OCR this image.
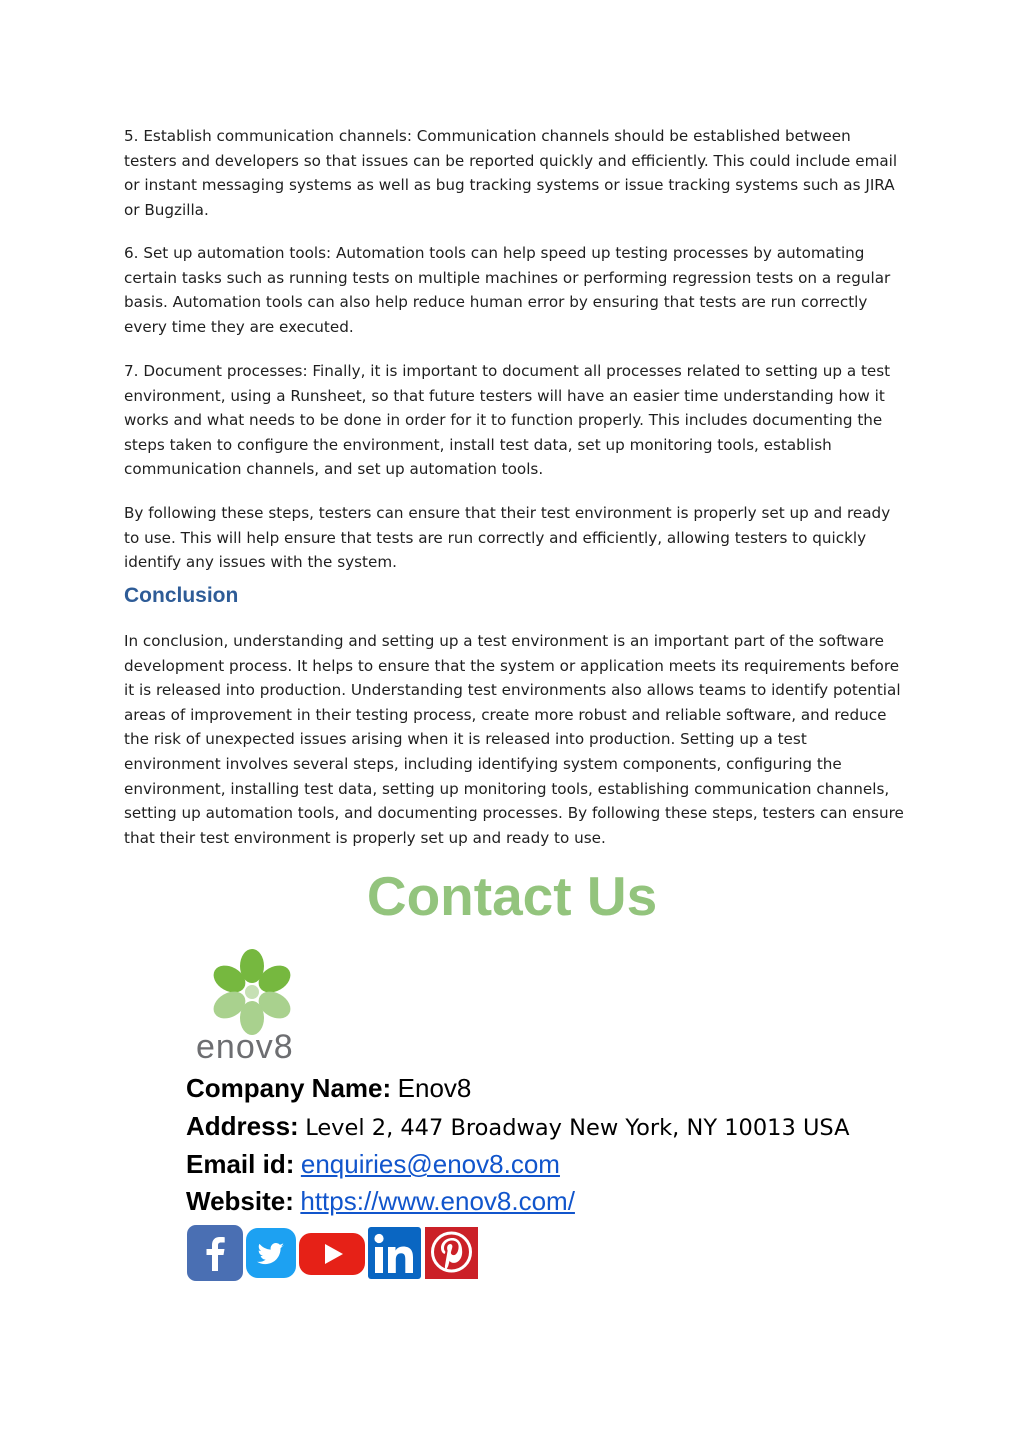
5. Establish communication channels: Communication channels should be established between testers and developers so that issues can be reported quickly and efficiently. This could include email or instant messaging systems as well as bug tracking systems or issue tracking systems such as JIRA or Bugzilla.

6. Set up automation tools: Automation tools can help speed up testing processes by automating certain tasks such as running tests on multiple machines or performing regression tests on a regular basis. Automation tools can also help reduce human error by ensuring that tests are run correctly every time they are executed.

7. Document processes: Finally, it is important to document all processes related to setting up a test environment, using a Runsheet, so that future testers will have an easier time understanding how it works and what needs to be done in order for it to function properly. This includes documenting the steps taken to configure the environment, install test data, set up monitoring tools, establish communication channels, and set up automation tools.

By following these steps, testers can ensure that their test environment is properly set up and ready to use. This will help ensure that tests are run correctly and efficiently, allowing testers to quickly identify any issues with the system.

Conclusion

In conclusion, understanding and setting up a test environment is an important part of the software development process. It helps to ensure that the system or application meets its requirements before it is released into production. Understanding test environments also allows teams to identify potential areas of improvement in their testing process, create more robust and reliable software, and reduce the risk of unexpected issues arising when it is released into production. Setting up a test environment involves several steps, including identifying system components, configuring the environment, installing test data, setting up monitoring tools, establishing communication channels, setting up automation tools, and documenting processes. By following these steps, testers can ensure that their test environment is properly set up and ready to use.

Contact Us
enov8
Company Name: Enov8
Address: Level 2, 447 Broadway New York, NY 10013 USA
Email id: enquiries@enov8.com
Website: https://www.enov8.com/
